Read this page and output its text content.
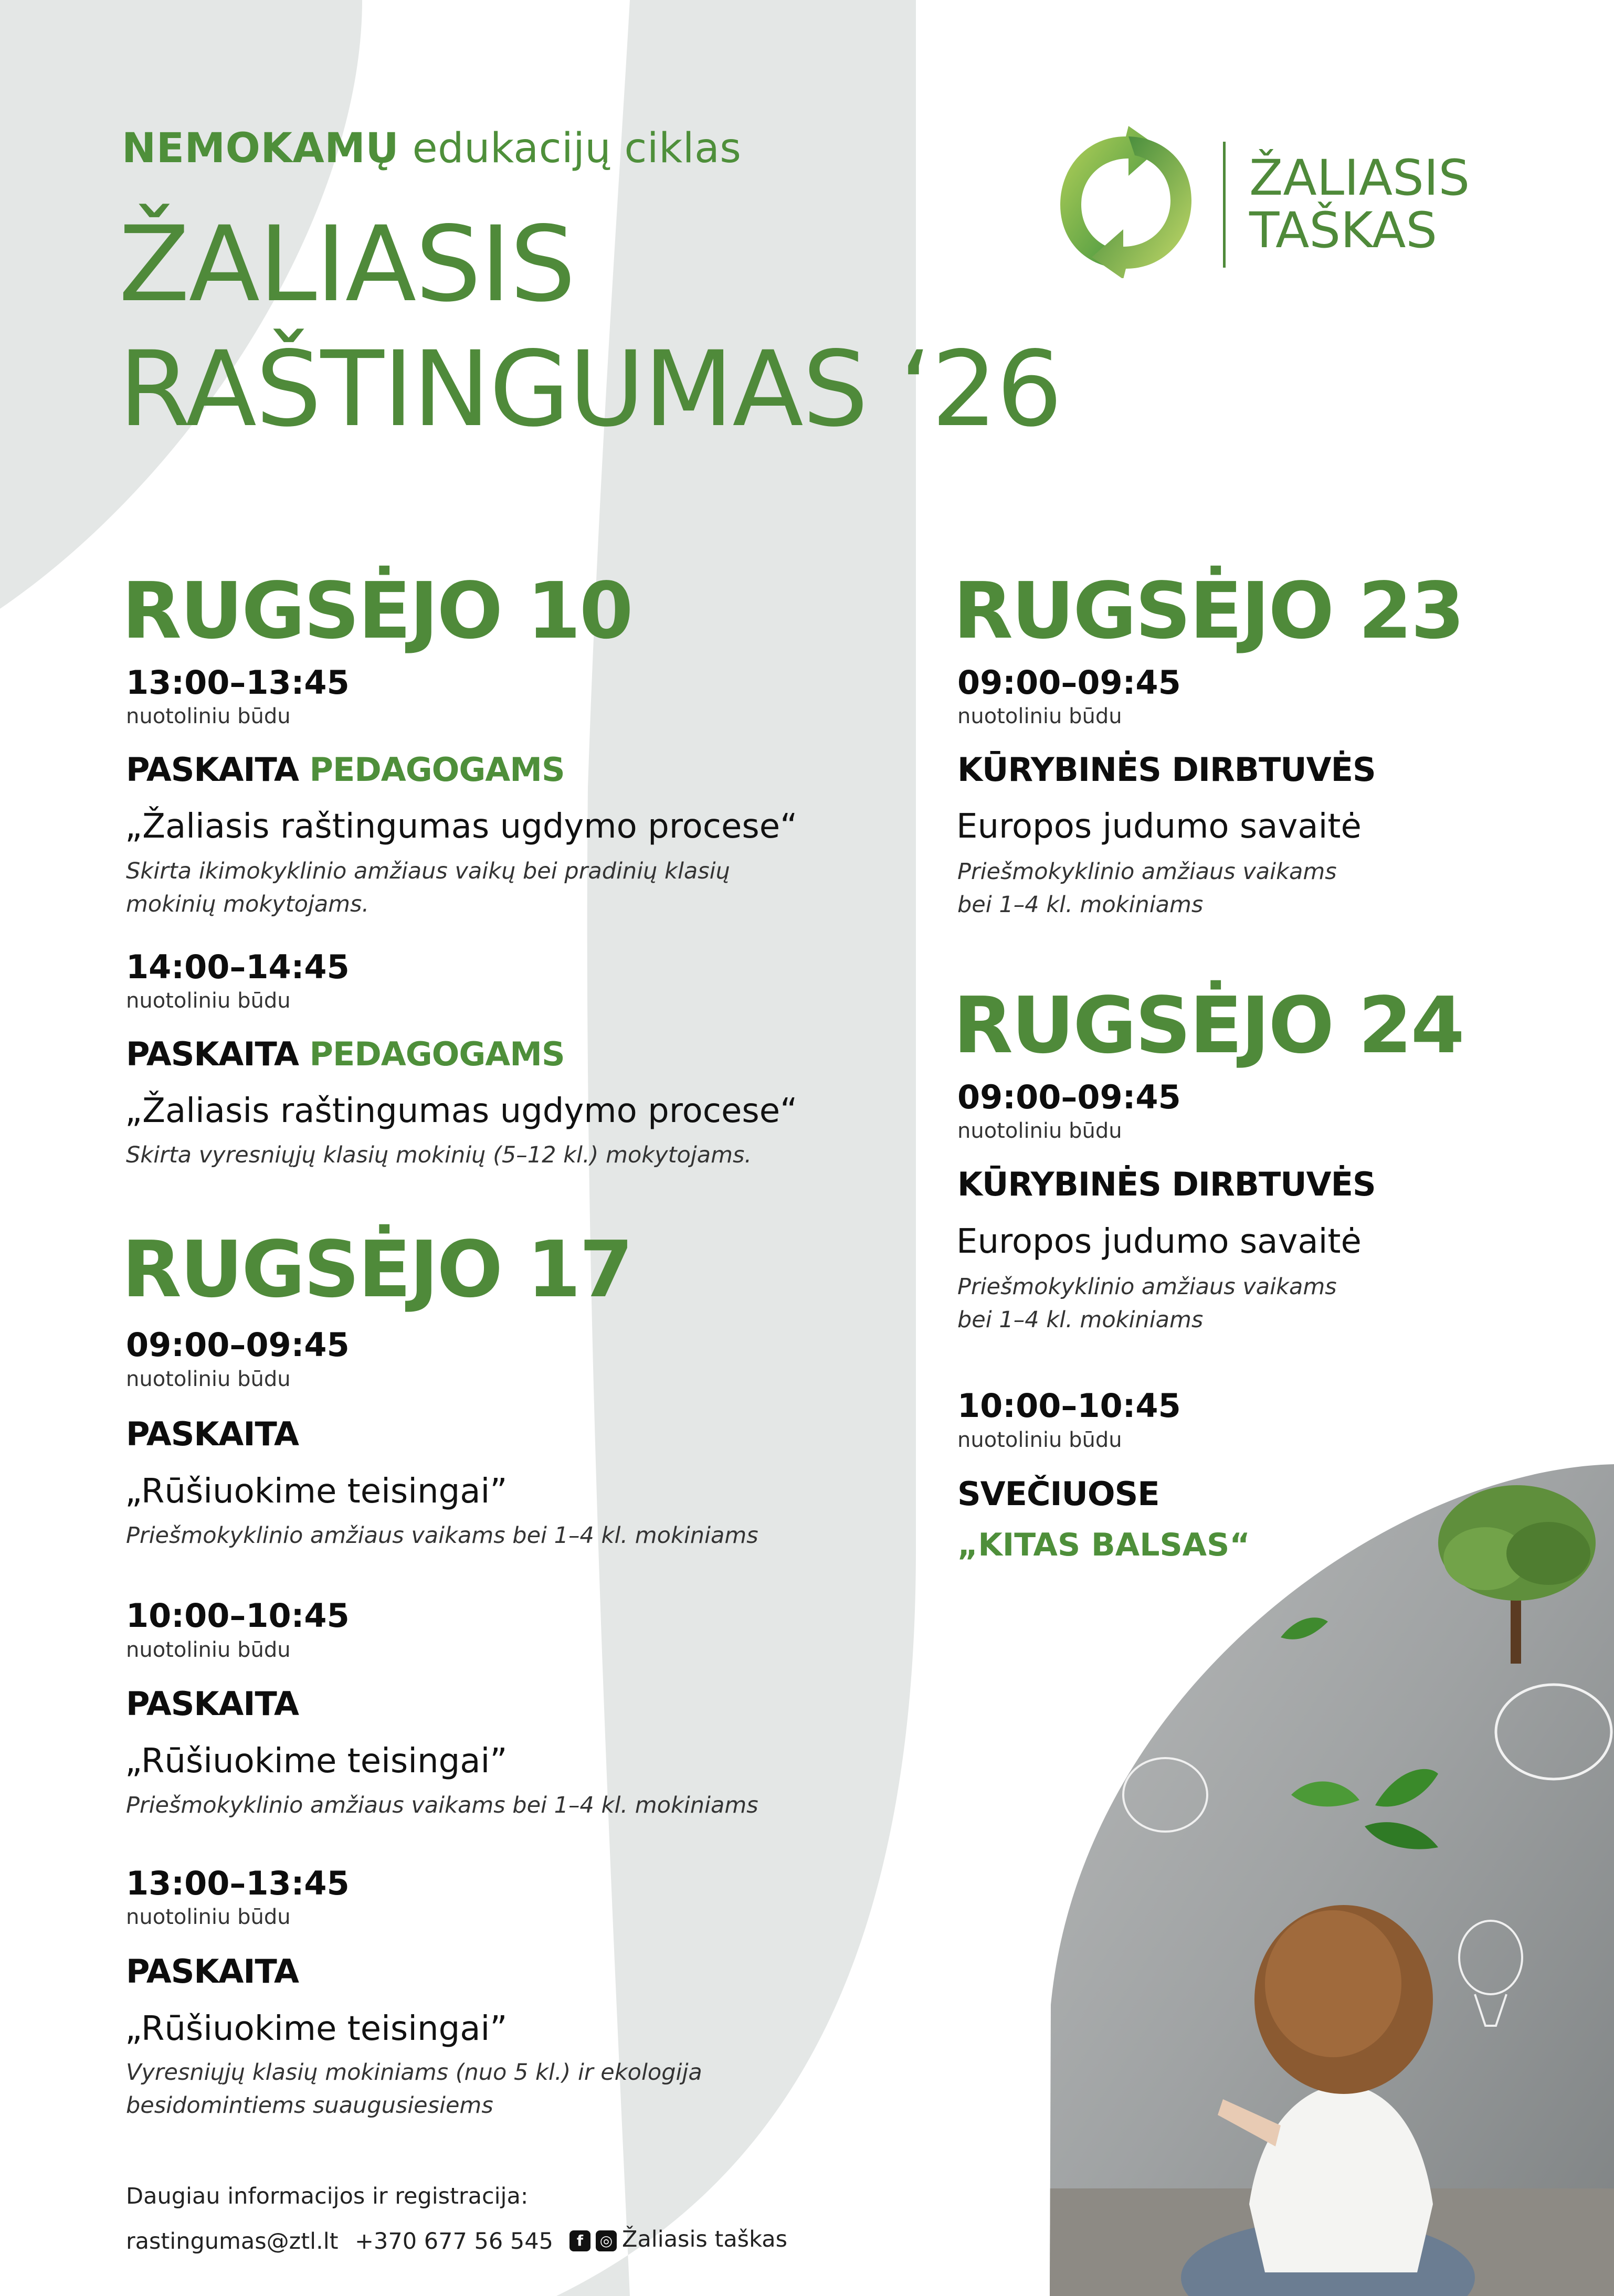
NEMOKAMŲ edukacijų ciklas
ŽALIASIS
RAŠTINGUMAS ‘26
ŽALIASIS
TAŠKAS
RUGSĖJO 10
13:00–13:45
nuotoliniu būdu
PASKAITA PEDAGOGAMS
„Žaliasis raštingumas ugdymo procese“
Skirta ikimokyklinio amžiaus vaikų bei pradinių klasių mokinių mokytojams.
14:00–14:45
nuotoliniu būdu
PASKAITA PEDAGOGAMS
„Žaliasis raštingumas ugdymo procese“
Skirta vyresniųjų klasių mokinių (5–12 kl.) mokytojams.
RUGSĖJO 17
09:00–09:45
nuotoliniu būdu
PASKAITA
„Rūšiuokime teisingai”
Priešmokyklinio amžiaus vaikams bei 1–4 kl. mokiniams
10:00–10:45
nuotoliniu būdu
PASKAITA
„Rūšiuokime teisingai”
Priešmokyklinio amžiaus vaikams bei 1–4 kl. mokiniams
13:00–13:45
nuotoliniu būdu
PASKAITA
„Rūšiuokime teisingai”
Vyresniųjų klasių mokiniams (nuo 5 kl.) ir ekologija
besidomintiems suaugusiesiems
RUGSĖJO 23
09:00–09:45
nuotoliniu būdu
KŪRYBINĖS DIRBTUVĖS
Europos judumo savaitė
Priešmokyklinio amžiaus vaikams
bei 1–4 kl. mokiniams
RUGSĖJO 24
09:00–09:45
nuotoliniu būdu
KŪRYBINĖS DIRBTUVĖS
Europos judumo savaitė
Priešmokyklinio amžiaus vaikams
bei 1–4 kl. mokiniams
10:00–10:45
nuotoliniu būdu
SVEČIUOSE
„KITAS BALSAS“
Daugiau informacijos ir registracija:
rastingumas@ztl.lt +370 677 56 545	f ◎ Žaliasis taškas
